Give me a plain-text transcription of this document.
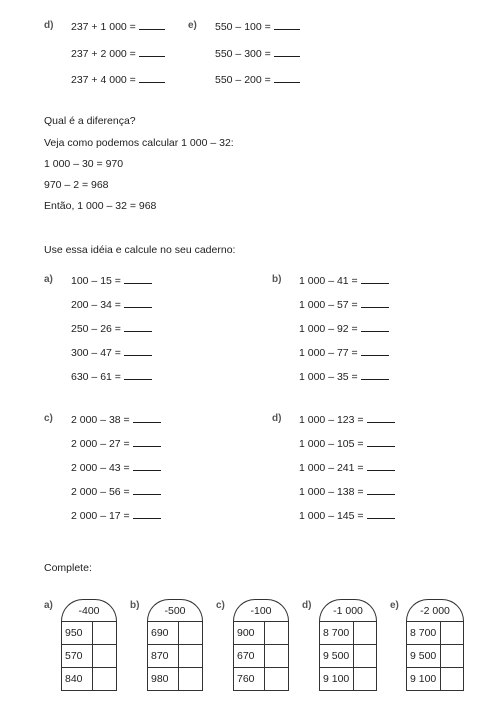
d) 237 + 1 000 =
237 + 2 000 =
237 + 4 000 =
e) 550 – 100 =
550 – 300 =
550 – 200 =
Qual é a diferença?
Veja como podemos calcular 1 000 – 32:
1 000 – 30 = 970
970 – 2 = 968
Então, 1 000 – 32 = 968
Use essa idéia e calcule no seu caderno:
a) 100 – 15 =
200 – 34 =
250 – 26 =
300 – 47 =
630 – 61 =
b) 1 000 – 41 =
1 000 – 57 =
1 000 – 92 =
1 000 – 77 =
1 000 – 35 =
c) 2 000 – 38 =
2 000 – 27 =
2 000 – 43 =
2 000 – 56 =
2 000 – 17 =
d) 1 000 – 123 =
1 000 – 105 =
1 000 – 241 =
1 000 – 138 =
1 000 – 145 =
Complete:
a)	-400
950
570
840
b)	-500
690
870
980
c)	-100
900
670
760
d)	-1 000
8 700
9 500
9 100
e)	-2 000
8 700
9 500
9 100
